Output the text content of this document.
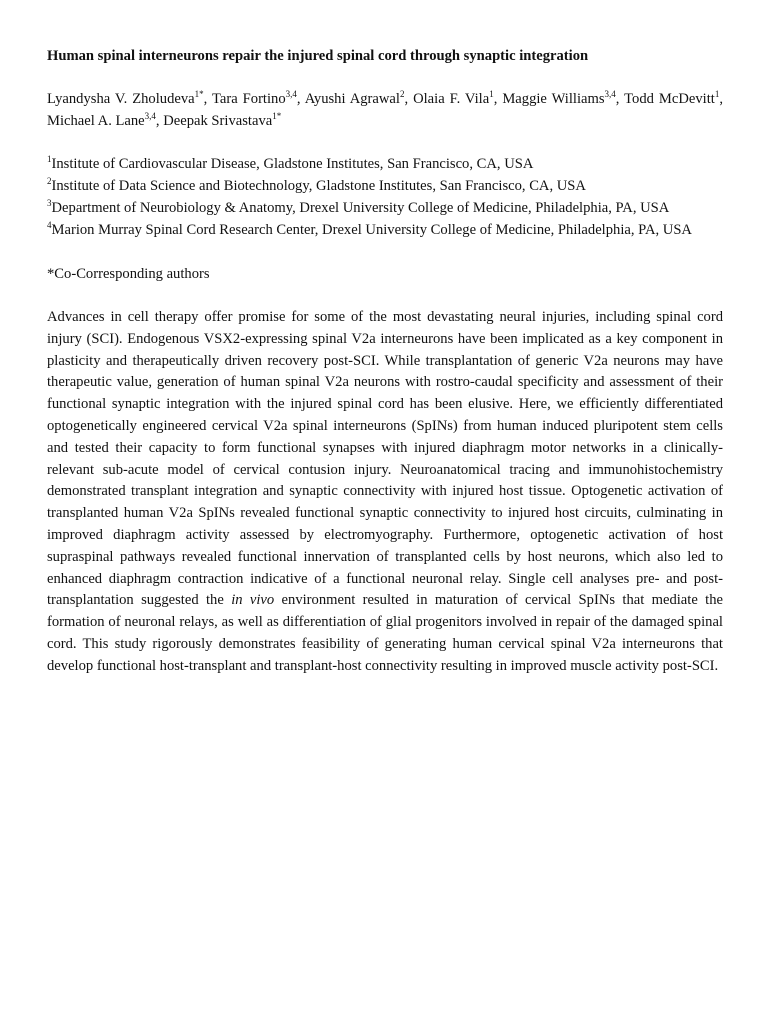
Human spinal interneurons repair the injured spinal cord through synaptic integration

Lyandysha V. Zholudeva$^{1*}$, Tara Fortino$^{3,4}$, Ayushi Agrawal$^2$, Olaia F. Vila$^1$, Maggie Williams$^{3,4}$, Todd McDevitt$^1$, Michael A. Lane$^{3,4}$, Deepak Srivastava$^{1*}$

$^1$Institute of Cardiovascular Disease, Gladstone Institutes, San Francisco, CA, USA
$^2$Institute of Data Science and Biotechnology, Gladstone Institutes, San Francisco, CA, USA
$^3$Department of Neurobiology & Anatomy, Drexel University College of Medicine, Philadelphia, PA, USA
$^4$Marion Murray Spinal Cord Research Center, Drexel University College of Medicine, Philadelphia, PA, USA

*Co-Corresponding authors

Advances in cell therapy offer promise for some of the most devastating neural injuries, including spinal cord injury (SCI). Endogenous VSX2-expressing spinal V2a interneurons have been implicated as a key component in plasticity and therapeutically driven recovery post-SCI. While transplantation of generic V2a neurons may have therapeutic value, generation of human spinal V2a neurons with rostro-caudal specificity and assessment of their functional synaptic integration with the injured spinal cord has been elusive. Here, we efficiently differentiated optogenetically engineered cervical V2a spinal interneurons (SpINs) from human induced pluripotent stem cells and tested their capacity to form functional synapses with injured diaphragm motor networks in a clinically-relevant sub-acute model of cervical contusion injury. Neuroanatomical tracing and immunohistochemistry demonstrated transplant integration and synaptic connectivity with injured host tissue. Optogenetic activation of transplanted human V2a SpINs revealed functional synaptic connectivity to injured host circuits, culminating in improved diaphragm activity assessed by electromyography. Furthermore, optogenetic activation of host supraspinal pathways revealed functional innervation of transplanted cells by host neurons, which also led to enhanced diaphragm contraction indicative of a functional neuronal relay. Single cell analyses pre- and post-transplantation suggested the in vivo environment resulted in maturation of cervical SpINs that mediate the formation of neuronal relays, as well as differentiation of glial progenitors involved in repair of the damaged spinal cord. This study rigorously demonstrates feasibility of generating human cervical spinal V2a interneurons that develop functional host-transplant and transplant-host connectivity resulting in improved muscle activity post-SCI.
